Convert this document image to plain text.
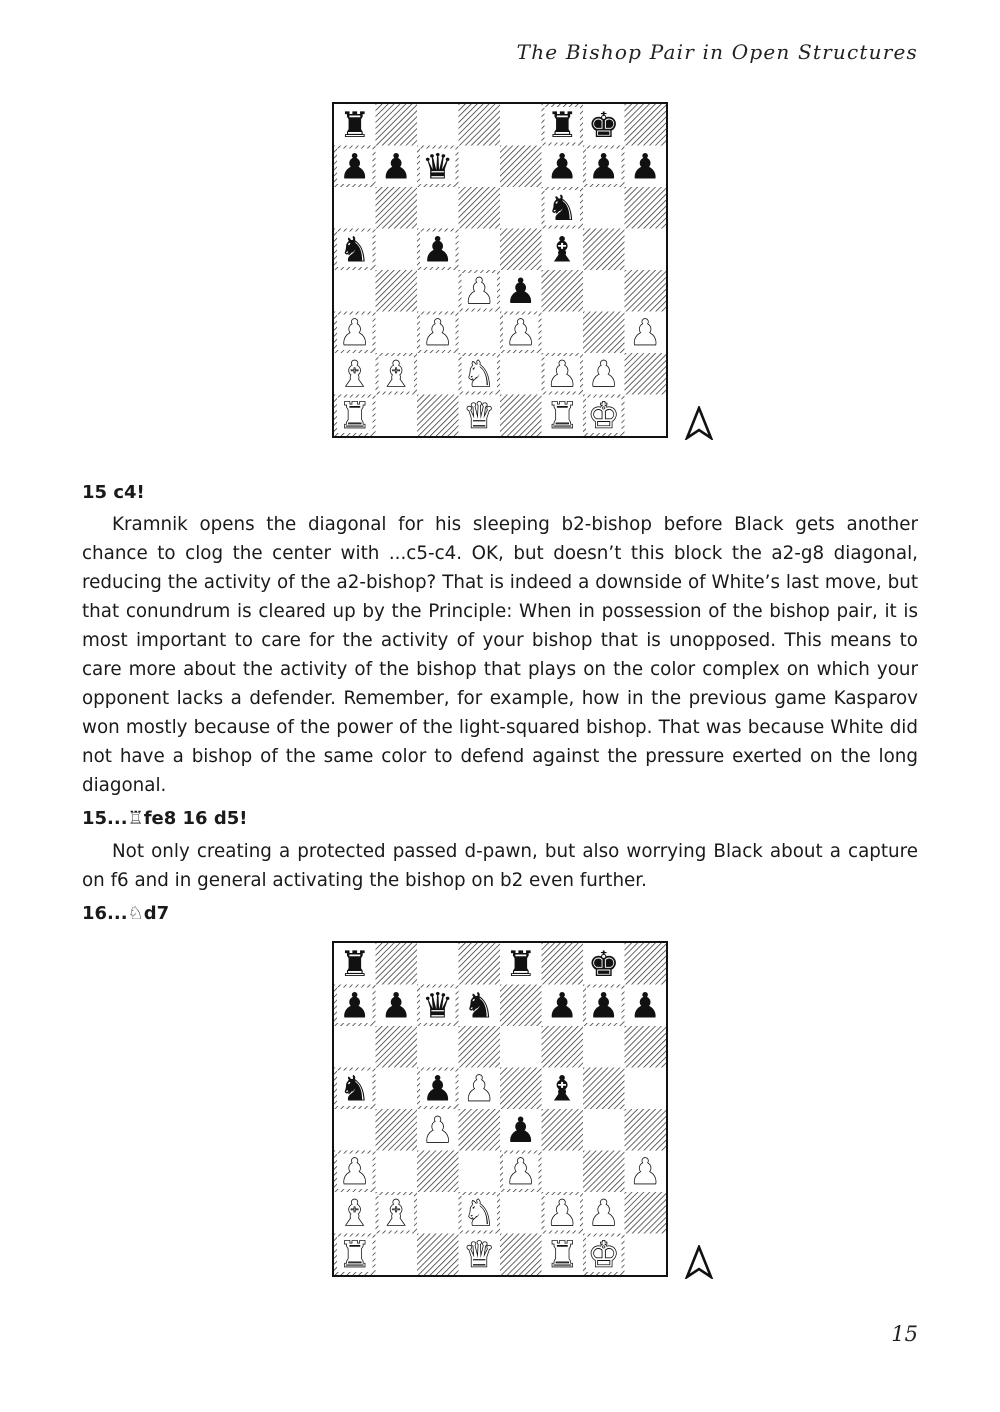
The Bishop Pair in Open Structures
♜	♜ ♚
♟ ♟ ♛	♟ ♟ ♟
♞
♞ ♟	♝
♟ ♟
♟ ♟ ♟	♟
♝ ♝ ♞ ♟ ♟
♜	♛ ♜ ♚
15 c4!

Kramnik opens the diagonal for his sleeping b2-bishop before Black gets another chance to clog the center with ...c5-c4. OK, but doesn’t this block the a2-g8 diagonal, reducing the activity of the a2-bishop? That is indeed a downside of White’s last move, but that conundrum is cleared up by the Principle: When in possession of the bishop pair, it is most important to care for the activity of your bishop that is unopposed. This means to care more about the activity of the bishop that plays on the color complex on which your opponent lacks a defender. Remember, for example, how in the previous game Kasparov won mostly because of the power of the light-squared bishop. That was because White did not have a bishop of the same color to defend against the pressure exerted on the long diagonal.

15...♖fe8 16 d5!

Not only creating a protected passed d-pawn, but also worrying Black about a capture on f6 and in general activating the bishop on b2 even further.

16...♘d7
♜	♜ ♚
♟ ♟ ♛ ♞ ♟ ♟ ♟
♞ ♟ ♟ ♝
♟ ♟
♟	♟	♟
♝ ♝ ♞ ♟ ♟
♜	♛ ♜ ♚
15
